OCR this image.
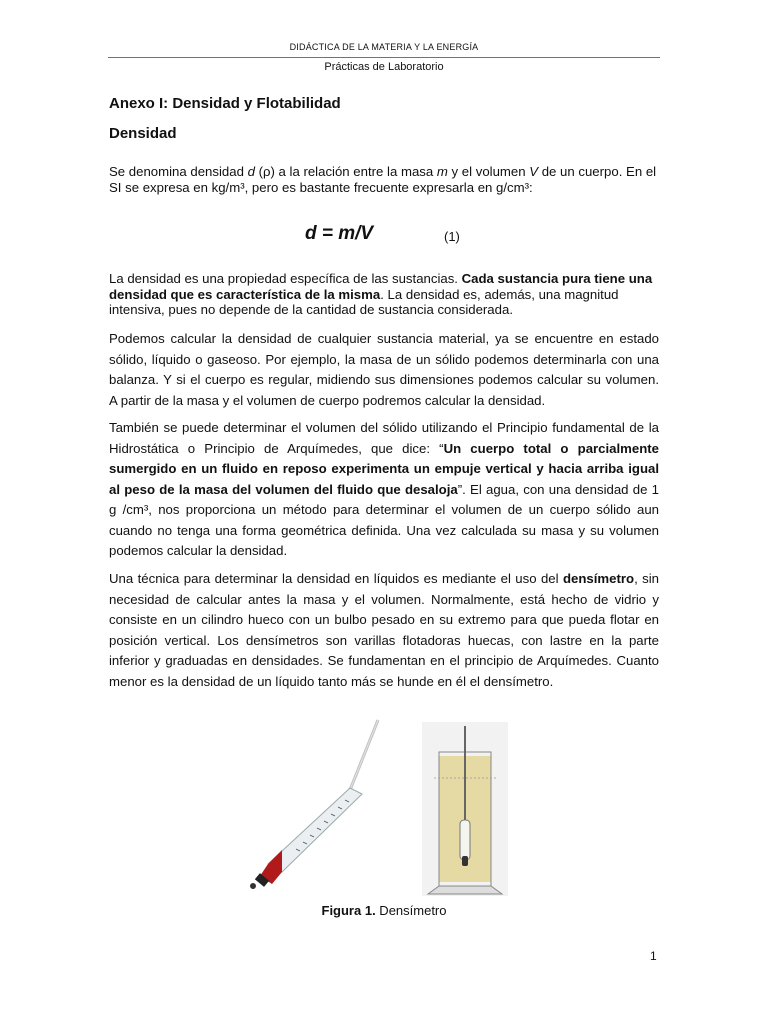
DIDÁCTICA DE LA MATERIA Y LA ENERGÍA
Prácticas de Laboratorio
Anexo I: Densidad y Flotabilidad
Densidad
Se denomina densidad d (ρ) a la relación entre la masa m y el volumen V de un cuerpo. En el SI se expresa en kg/m³, pero es bastante frecuente expresarla en g/cm³:
d = m/V	(1)
La densidad es una propiedad específica de las sustancias. Cada sustancia pura tiene una densidad que es característica de la misma. La densidad es, además, una magnitud intensiva, pues no depende de la cantidad de sustancia considerada.
Podemos calcular la densidad de cualquier sustancia material, ya se encuentre en estado sólido, líquido o gaseoso. Por ejemplo, la masa de un sólido podemos determinarla con una balanza. Y si el cuerpo es regular, midiendo sus dimensiones podemos calcular su volumen. A partir de la masa y el volumen de cuerpo podremos calcular la densidad.
También se puede determinar el volumen del sólido utilizando el Principio fundamental de la Hidrostática o Principio de Arquímedes, que dice: “Un cuerpo total o parcialmente sumergido en un fluido en reposo experimenta un empuje vertical y hacia arriba igual al peso de la masa del volumen del fluido que desaloja”. El agua, con una densidad de 1 g /cm³, nos proporciona un método para determinar el volumen de un cuerpo sólido aun cuando no tenga una forma geométrica definida. Una vez calculada su masa y su volumen podemos calcular la densidad.
Una técnica para determinar la densidad en líquidos es mediante el uso del densímetro, sin necesidad de calcular antes la masa y el volumen. Normalmente, está hecho de vidrio y consiste en un cilindro hueco con un bulbo pesado en su extremo para que pueda flotar en posición vertical. Los densímetros son varillas flotadoras huecas, con lastre en la parte inferior y graduadas en densidades. Se fundamentan en el principio de Arquímedes. Cuanto menor es la densidad de un líquido tanto más se hunde en él el densímetro.
Figura 1. Densímetro
1
